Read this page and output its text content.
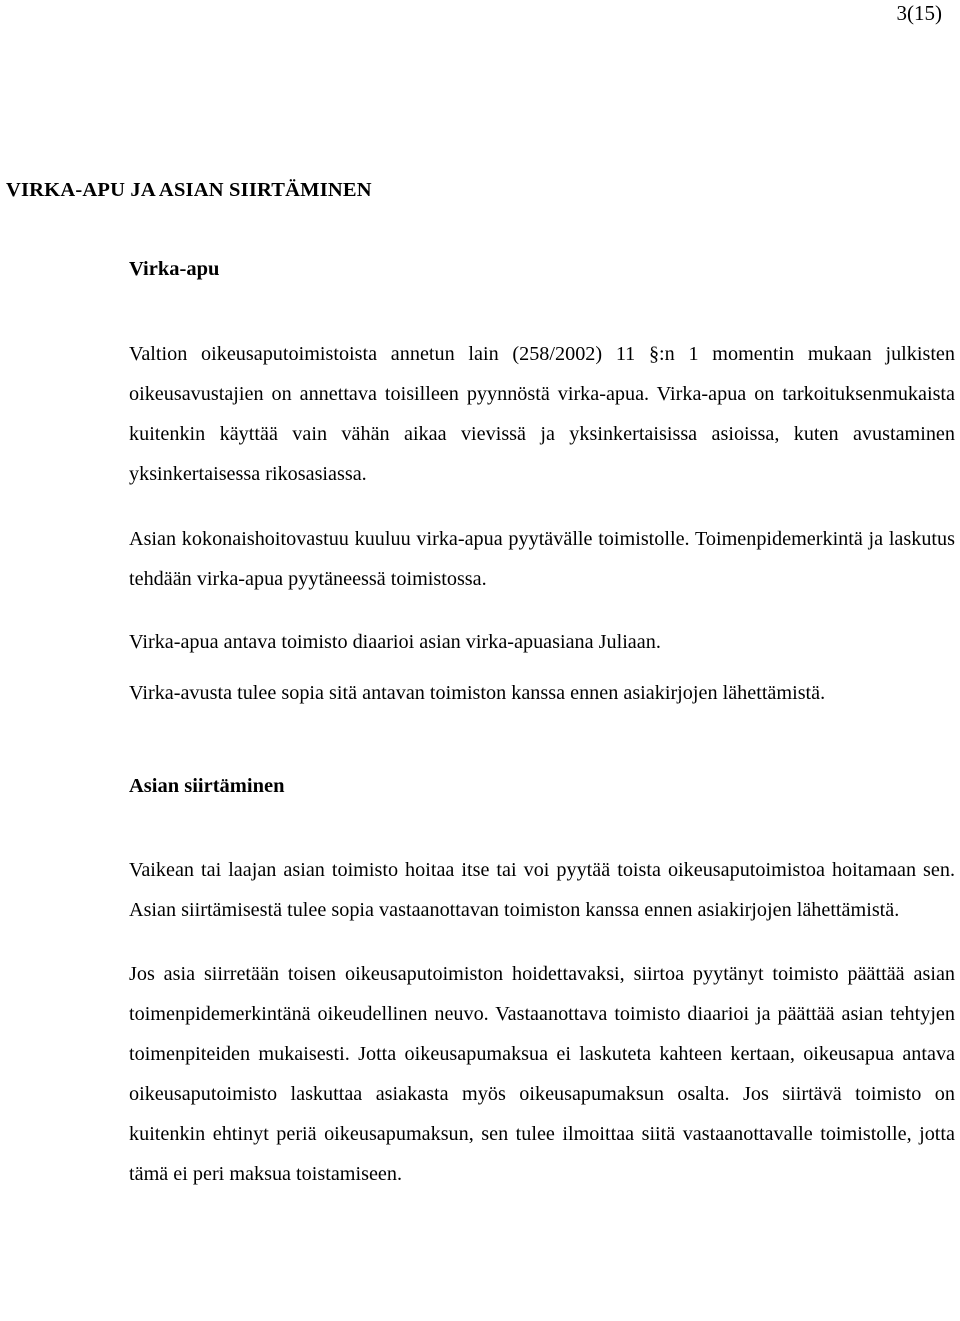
3(15)
VIRKA-APU JA ASIAN SIIRTÄMINEN
Virka-apu

Valtion oikeusaputoimistoista annetun lain (258/2002) 11 §:n 1 momentin mukaan julkisten oikeusavustajien on annettava toisilleen pyynnöstä virka-apua. Virka-apua on tarkoituksenmukaista kuitenkin käyttää vain vähän aikaa vievissä ja yksinkertaisissa asioissa, kuten avustaminen yksinkertaisessa rikosasiassa.

Asian kokonaishoitovastuu kuuluu virka-apua pyytävälle toimistolle. Toimenpidemerkintä ja laskutus tehdään virka-apua pyytäneessä toimistossa.

Virka-apua antava toimisto diaarioi asian virka-apuasiana Juliaan.

Virka-avusta tulee sopia sitä antavan toimiston kanssa ennen asiakirjojen lähettämistä.

Asian siirtäminen

Vaikean tai laajan asian toimisto hoitaa itse tai voi pyytää toista oikeusaputoimistoa hoitamaan sen. Asian siirtämisestä tulee sopia vastaanottavan toimiston kanssa ennen asiakirjojen lähettämistä.

Jos asia siirretään toisen oikeusaputoimiston hoidettavaksi, siirtoa pyytänyt toimisto päättää asian toimenpidemerkintänä oikeudellinen neuvo. Vastaanottava toimisto diaarioi ja päättää asian tehtyjen toimenpiteiden mukaisesti. Jotta oikeusapumaksua ei laskuteta kahteen kertaan, oikeusapua antava oikeusaputoimisto laskuttaa asiakasta myös oikeusapumaksun osalta. Jos siirtävä toimisto on kuitenkin ehtinyt periä oikeusapumaksun, sen tulee ilmoittaa siitä vastaanottavalle toimistolle, jotta tämä ei peri maksua toistamiseen.
